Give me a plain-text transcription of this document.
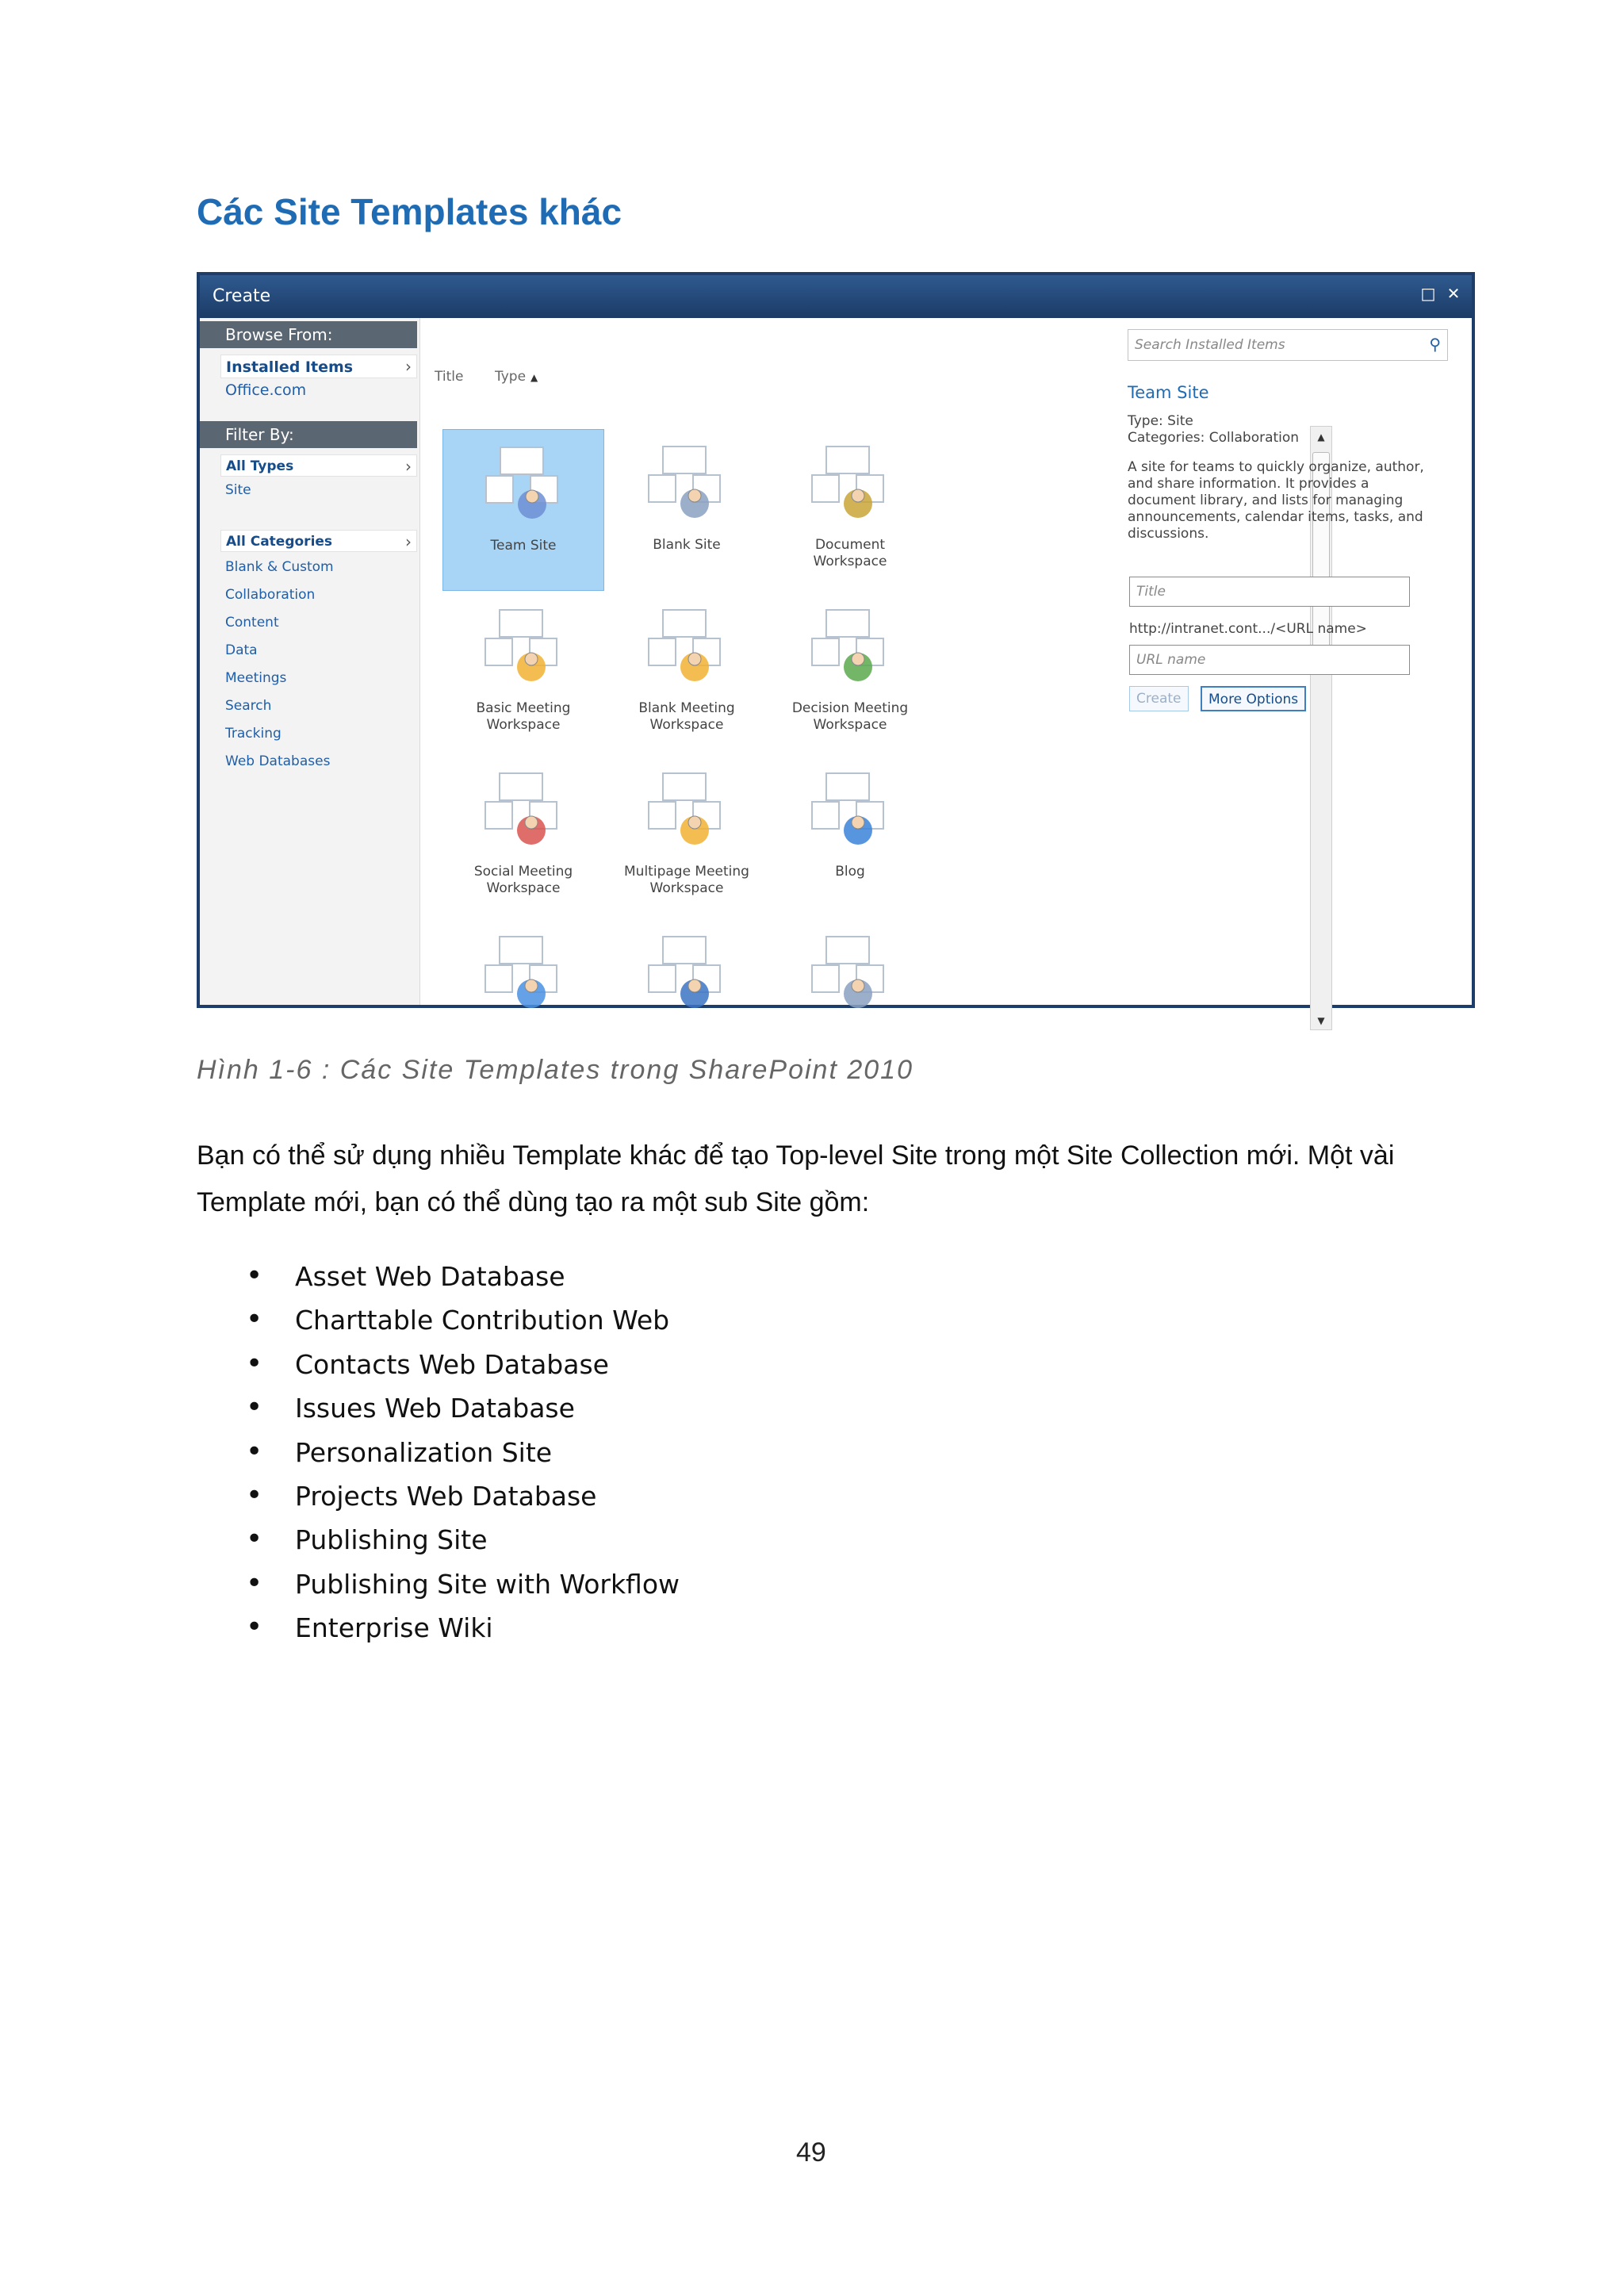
Các Site Templates khác
Create	□ ✕
Browse From:
Installed Items	›
Office.com
Filter By:
All Types	›
Site
All Categories	›
Blank & Custom
Collaboration
Content
Data
Meetings
Search
Tracking
Web Databases
Title Type ▲
Team Site	Blank Site	Document
Workspace
Basic Meeting
Workspace
Blank Meeting
Workspace
Decision Meeting
Workspace
Social Meeting
Workspace
Multipage Meeting
Workspace
Blog
▲
▼
Search Installed Items	⚲
Team Site
Type: Site
Categories: Collaboration
A site for teams to quickly organize, author, and share information. It provides a document library, and lists for managing announcements, calendar items, tasks, and discussions.
Title
http://intranet.cont.../<URL name>
URL name
Create	More Options
Hình 1-6 : Các Site Templates trong SharePoint 2010
Bạn có thể sử dụng nhiều Template khác để tạo Top-level Site trong một Site Collection mới. Một vài Template mới, bạn có thể dùng tạo ra một sub Site gồm:
• Asset Web Database
• Charttable Contribution Web
• Contacts Web Database
• Issues Web Database
• Personalization Site
• Projects Web Database
• Publishing Site
• Publishing Site with Workflow
• Enterprise Wiki
49
